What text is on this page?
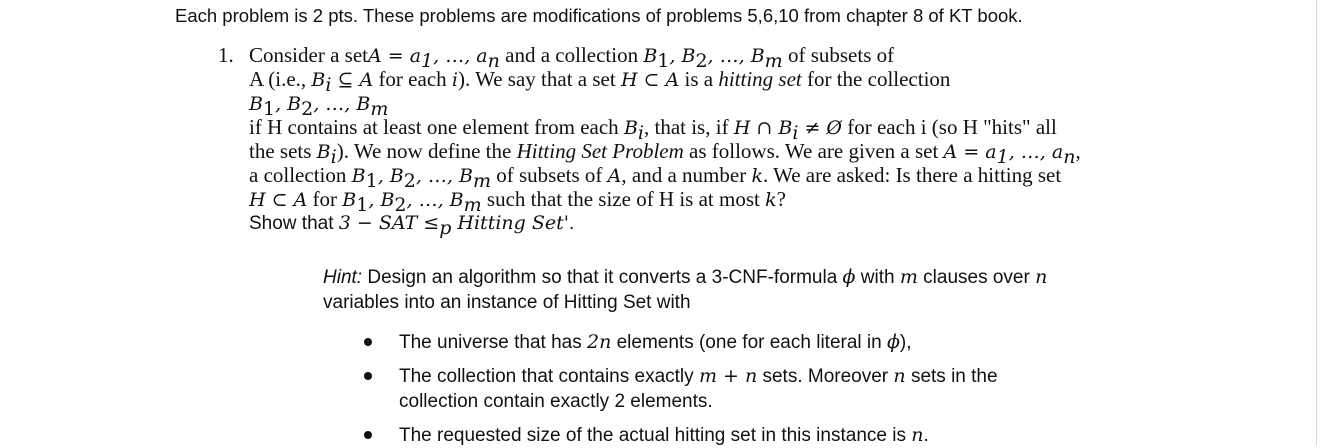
Each problem is 2 pts. These problems are modifications of problems 5,6,10 from chapter 8 of KT book.
1. Consider a setA = $a_1$, …, $a_n$ and a collection $B_1$, $B_2$, …, $B_m$ of subsets of
A (i.e., $B_i$ ⊆ A for each i). We say that a set H ⊂ A is a hitting set for the collection
$B_1$, $B_2$, …, $B_m$
if H contains at least one element from each $B_i$, that is, if H ∩ $B_i$ ≠ Ø for each i (so H "hits" all
the sets $B_i$). We now define the Hitting Set Problem as follows. We are given a set $A = a_1$, …, $a_n$,
a collection $B_1$, $B_2$, …, $B_m$ of subsets of A, and a number k. We are asked: Is there a hitting set
H ⊂ A for $B_1$, $B_2$, …, $B_m$ such that the size of H is at most k?
Show that 3 − SAT $\le_p$ Hitting Set'.
Hint: Design an algorithm so that it converts a 3-CNF-formula ϕ with m clauses over n
variables into an instance of Hitting Set with
The universe that has 2n elements (one for each literal in ϕ),
The collection that contains exactly m + n sets. Moreover n sets in the
collection contain exactly 2 elements.
The requested size of the actual hitting set in this instance is n.
